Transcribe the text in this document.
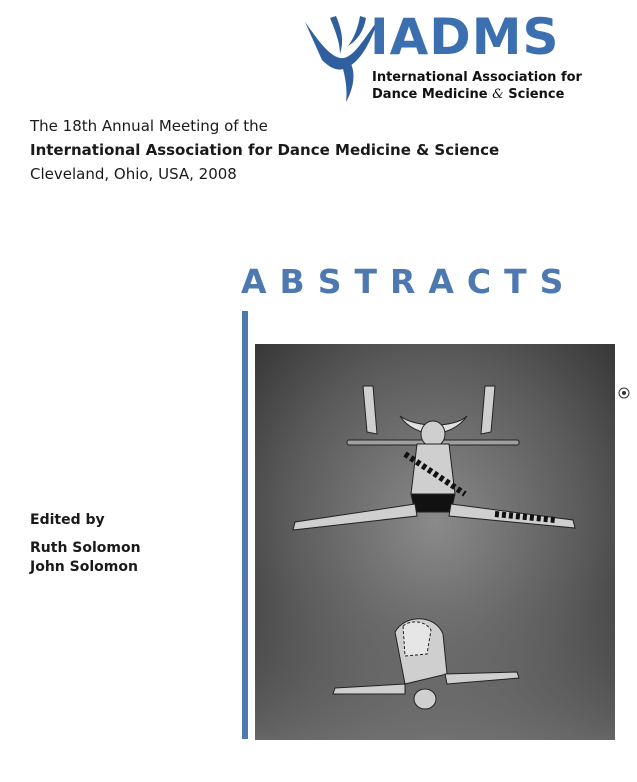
IADMS
International Association for
Dance Medicine & Science
The 18th Annual Meeting of the
International Association for Dance Medicine & Science
Cleveland, Ohio, USA, 2008
ABSTRACTS
Edited by
Ruth Solomon
John Solomon
